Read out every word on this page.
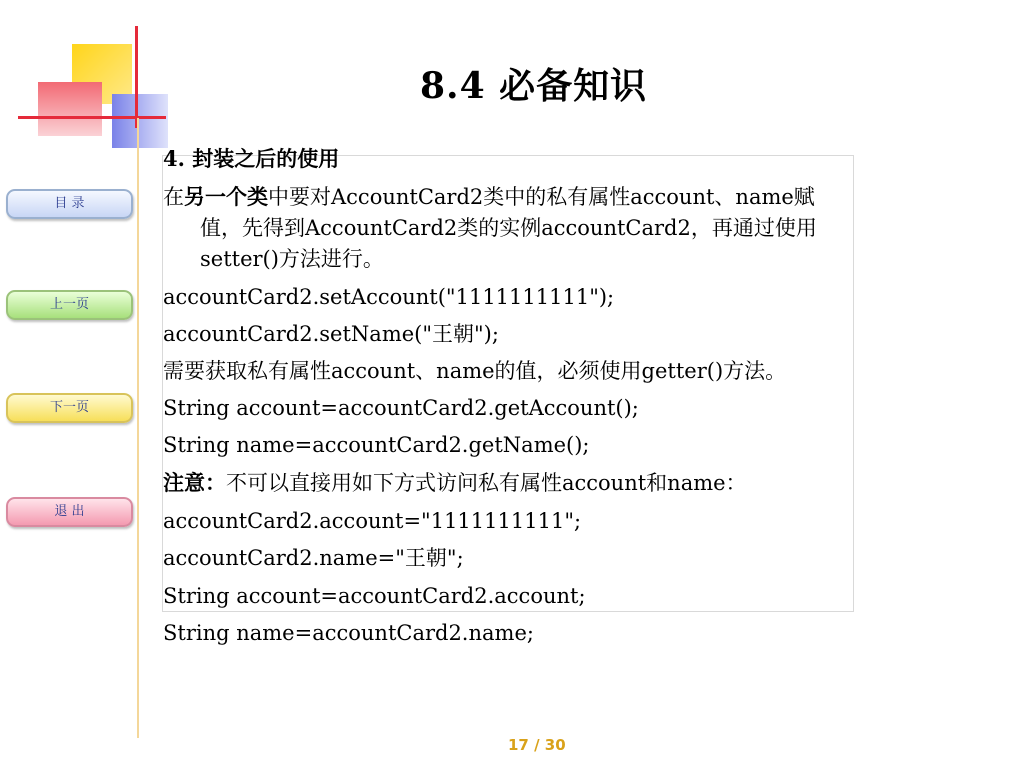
8.4 必备知识
目 录
上一页
下一页
退 出
4. 封装之后的使用
在另一个类中要对AccountCard2类中的私有属性account、name赋
值，先得到AccountCard2类的实例accountCard2，再通过使用
setter()方法进行。
accountCard2.setAccount("1111111111");
accountCard2.setName("王朝");
需要获取私有属性account、name的值，必须使用getter()方法。
String account=accountCard2.getAccount();
String name=accountCard2.getName();
注意：不可以直接用如下方式访问私有属性account和name：
accountCard2.account="1111111111";
accountCard2.name="王朝";
String account=accountCard2.account;
String name=accountCard2.name;
17 / 30
